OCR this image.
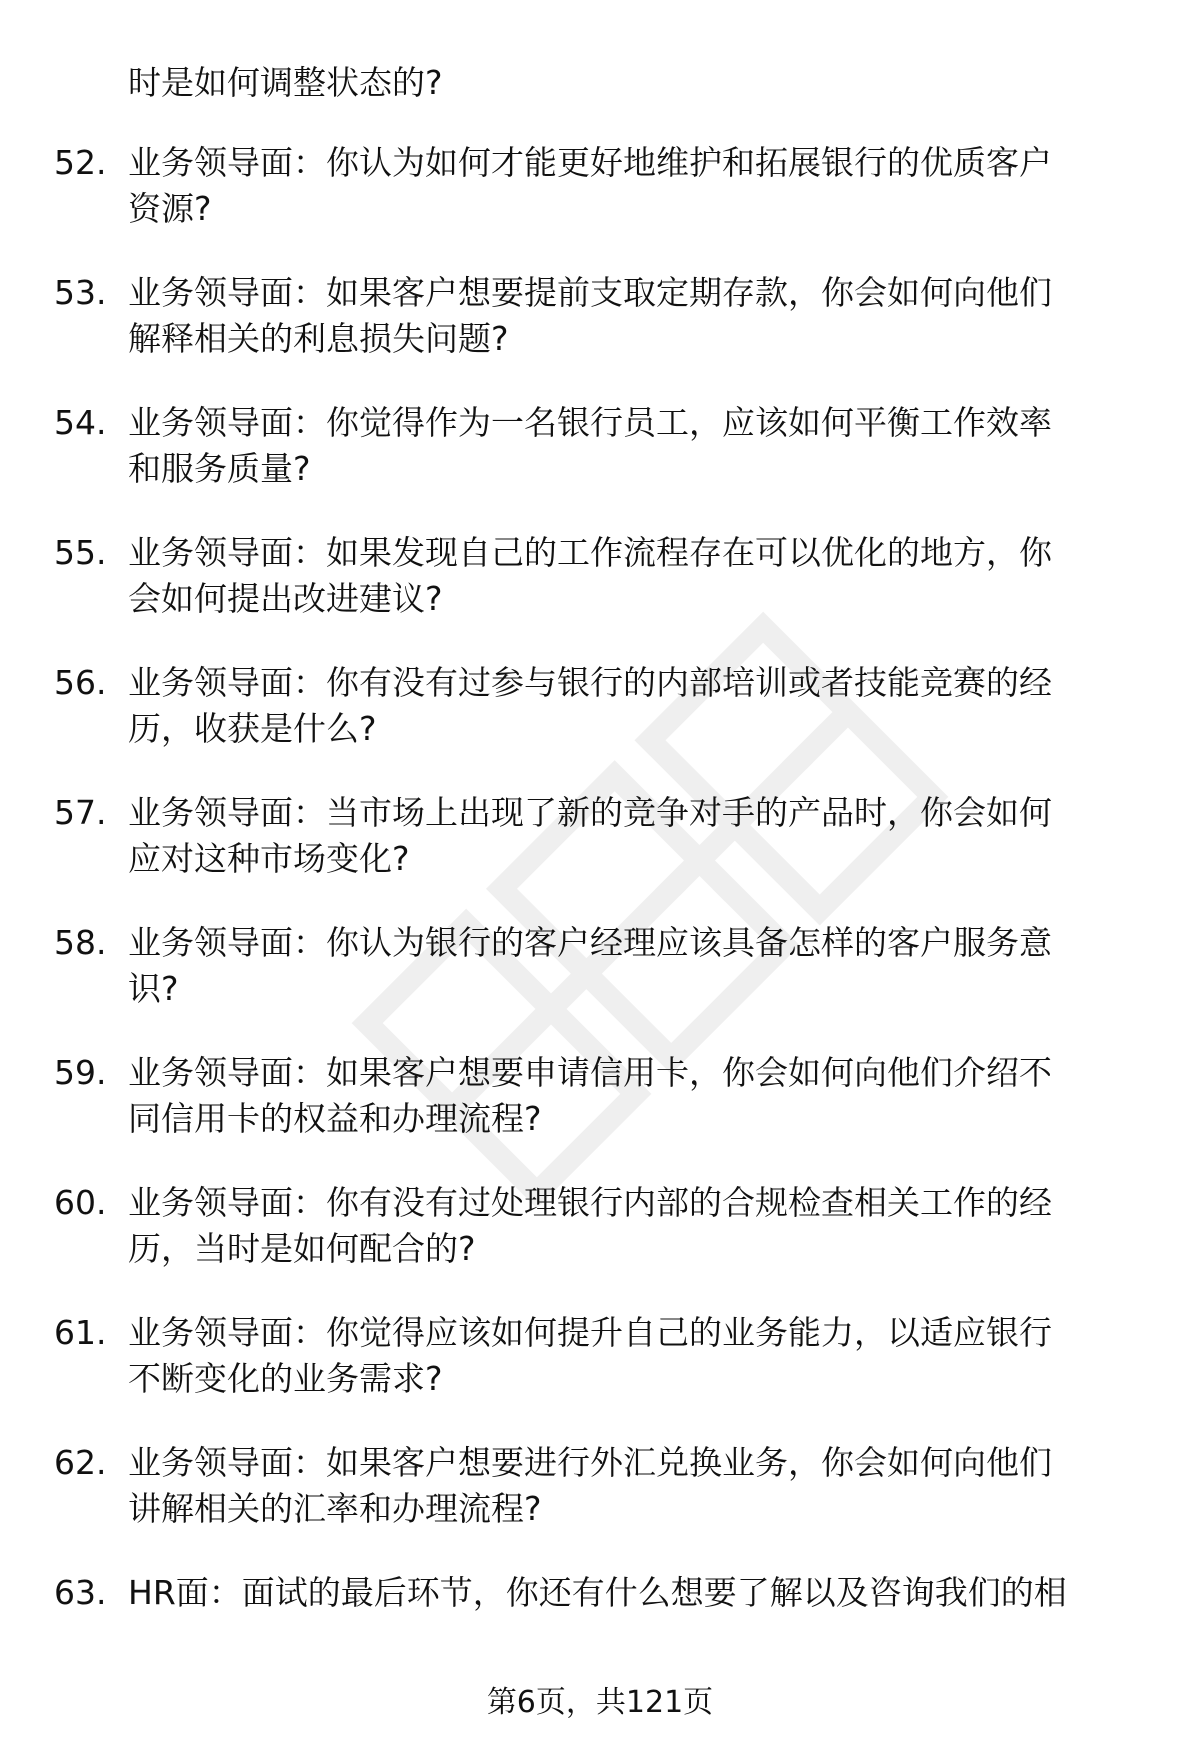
时是如何调整状态的?
52. 业务领导面：你认为如何才能更好地维护和拓展银行的优质客户
资源?
53. 业务领导面：如果客户想要提前支取定期存款，你会如何向他们
解释相关的利息损失问题?
54. 业务领导面：你觉得作为一名银行员工，应该如何平衡工作效率
和服务质量?
55. 业务领导面：如果发现自己的工作流程存在可以优化的地方，你
会如何提出改进建议?
56. 业务领导面：你有没有过参与银行的内部培训或者技能竞赛的经
历，收获是什么?
57. 业务领导面：当市场上出现了新的竞争对手的产品时，你会如何
应对这种市场变化?
58. 业务领导面：你认为银行的客户经理应该具备怎样的客户服务意
识?
59. 业务领导面：如果客户想要申请信用卡，你会如何向他们介绍不
同信用卡的权益和办理流程?
60. 业务领导面：你有没有过处理银行内部的合规检查相关工作的经
历，当时是如何配合的?
61. 业务领导面：你觉得应该如何提升自己的业务能力，以适应银行
不断变化的业务需求?
62. 业务领导面：如果客户想要进行外汇兑换业务，你会如何向他们
讲解相关的汇率和办理流程?
63. HR面：面试的最后环节，你还有什么想要了解以及咨询我们的相
第6页，共121页
